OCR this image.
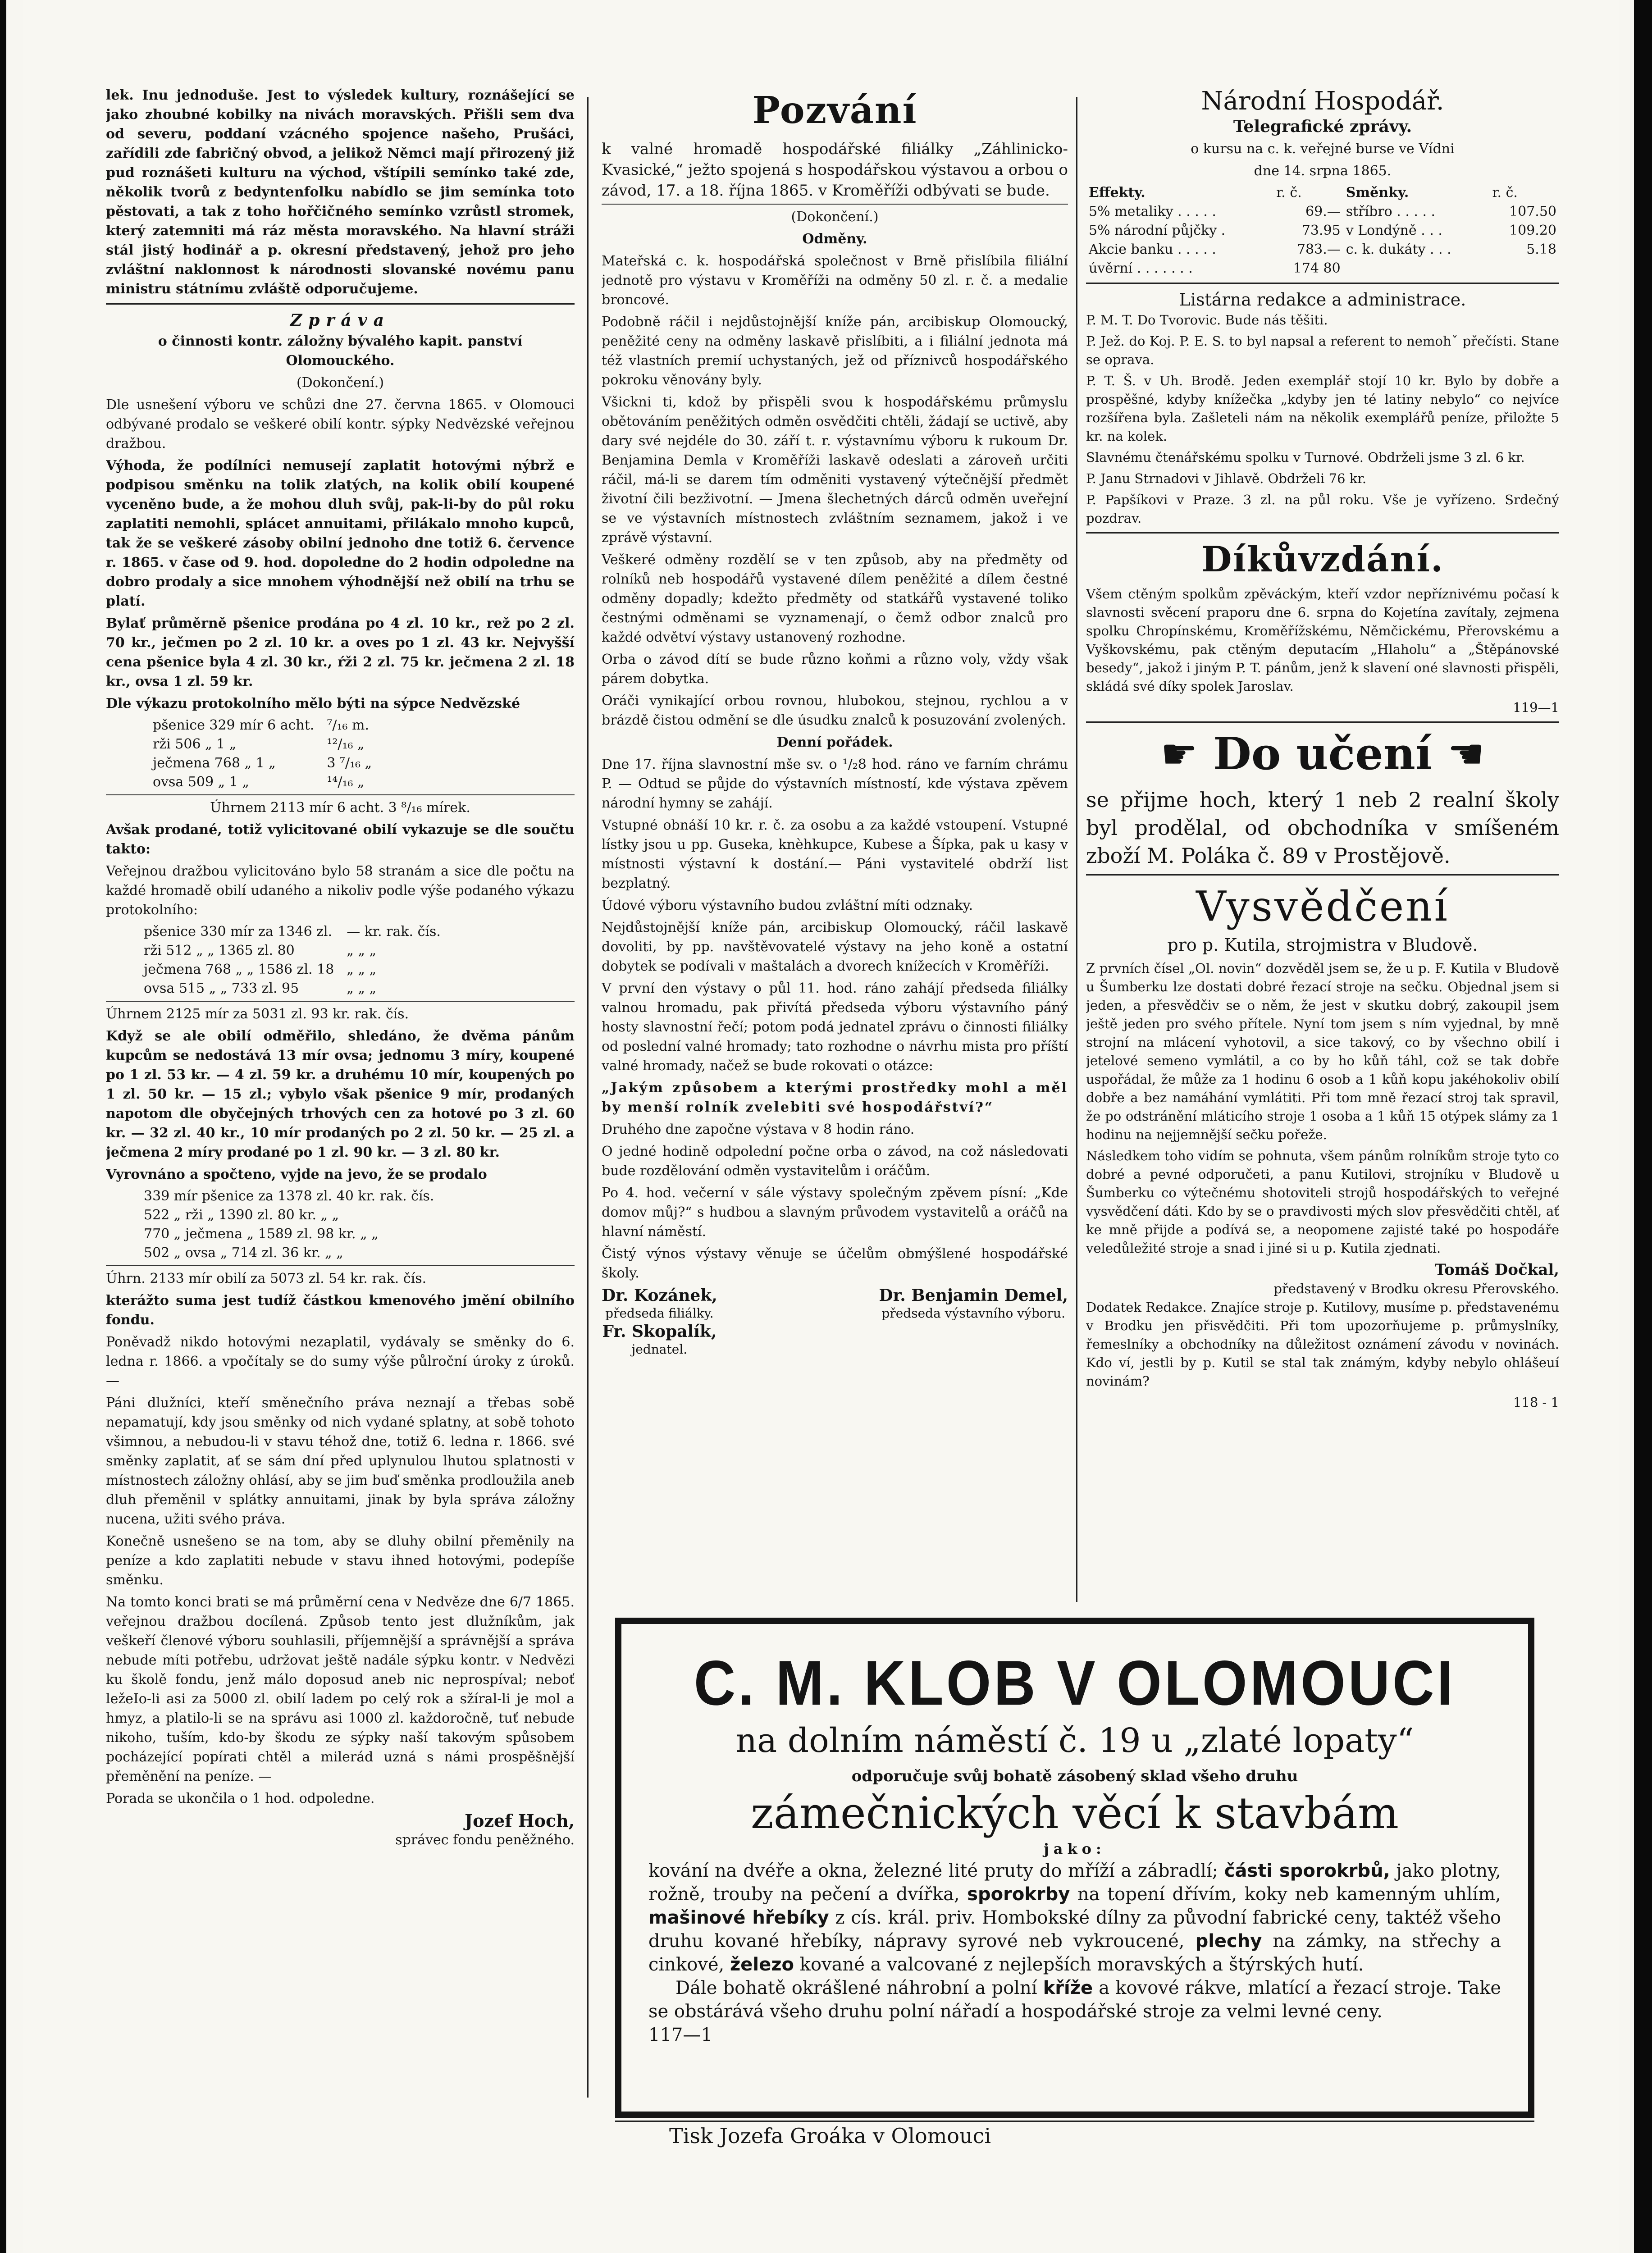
lek. Inu jednoduše. Jest to výsledek kultury, roznášející se jako zhoubné kobilky na nivách moravských. Přišli sem dva od severu, poddaní vzácného spojence našeho, Prušáci, zařídili zde fabričný obvod, a jelikož Němci mají přirozený již pud roznášeti kulturu na východ, vštípili semínko také zde, několik tvorů z bedyntenfolku nabídlo se jim semínka toto pěstovati, a tak z toho hořčičného semínko vzrůstl stromek, který zatemniti má ráz města moravského. Na hlavní stráži stál jistý hodinář a p. okresní představený, jehož pro jeho zvláštní naklonnost k národnosti slovanské novému panu ministru státnímu zvláště odporučujeme.

Zpráva

o činnosti kontr. záložny bývalého kapit. panství Olomouckého.

(Dokončení.)

Dle usnešení výboru ve schůzi dne 27. června 1865. v Olomouci odbývané prodalo se veškeré obilí kontr. sýpky Nedvězské veřejnou dražbou.

Výhoda, že podílníci nemusejí zaplatit hotovými nýbrž e podpisou směnku na tolik zlatých, na kolik obilí koupené vyceněno bude, a že mohou dluh svůj, pak-li-by do půl roku zaplatiti nemohli, splácet annuitami, přilákalo mnoho kupců, tak že se veškeré zásoby obilní jednoho dne totiž 6. července r. 1865. v čase od 9. hod. dopoledne do 2 hodin odpoledne na dobro prodaly a sice mnohem výhodnější než obilí na trhu se platí.

Bylať průměrně pšenice prodána po 4 zl. 10 kr., rež po 2 zl. 70 kr., ječmen po 2 zl. 10 kr. a oves po 1 zl. 43 kr. Nejvyšší cena pšenice byla 4 zl. 30 kr., ŕži 2 zl. 75 kr. ječmena 2 zl. 18 kr., ovsa 1 zl. 59 kr.

Dle výkazu protokolního mělo býti na sýpce Nedvězské

pšenice 329 mír 6 acht.	⁷/₁₆ m.
rži 506 „ 1 „	¹²/₁₆ „
ječmena 768 „ 1 „	3 ⁷/₁₆ „
ovsa 509 „ 1 „	¹⁴/₁₆ „

Úhrnem 2113 mír 6 acht. 3 ⁸/₁₆ mírek.

Avšak prodané, totiž vylicitované obilí vykazuje se dle součtu takto:

Veřejnou dražbou vylicitováno bylo 58 stranám a sice dle počtu na každé hromadě obilí udaného a nikoliv podle výše podaného výkazu protokolního:

pšenice 330 mír za 1346 zl.	— kr. rak. čís.
rži 512 „ „ 1365 zl. 80	„ „ „
ječmena 768 „ „ 1586 zl. 18	„ „ „
ovsa 515 „ „ 733 zl. 95	„ „ „

Úhrnem 2125 mír za 5031 zl. 93 kr. rak. čís.

Když se ale obilí odměřilo, shledáno, že dvěma pánům kupcům se nedostává 13 mír ovsa; jednomu 3 míry, koupené po 1 zl. 53 kr. — 4 zl. 59 kr. a druhému 10 mír, koupených po 1 zl. 50 kr. — 15 zl.; vybylo však pšenice 9 mír, prodaných napotom dle obyčejných trhových cen za hotové po 3 zl. 60 kr. — 32 zl. 40 kr., 10 mír prodaných po 2 zl. 50 kr. — 25 zl. a ječmena 2 míry prodané po 1 zl. 90 kr. — 3 zl. 80 kr.

Vyrovnáno a spočteno, vyjde na jevo, že se prodalo

339 mír pšenice za 1378 zl. 40 kr. rak. čís.
522 „ rži „ 1390 zl. 80 kr. „ „
770 „ ječmena „ 1589 zl. 98 kr. „ „
502 „ ovsa „ 714 zl. 36 kr. „ „

Úhrn. 2133 mír obilí za 5073 zl. 54 kr. rak. čís.

kterážto suma jest tudíž částkou kmenového jmění obilního fondu.

Poněvadž nikdo hotovými nezaplatil, vydávaly se směnky do 6. ledna r. 1866. a vpočítaly se do sumy výše půlroční úroky z úroků. —

Páni dlužníci, kteří směnečního práva neznají a třebas sobě nepamatují, kdy jsou směnky od nich vydané splatny, at sobě tohoto všimnou, a nebudou-li v stavu téhož dne, totiž 6. ledna r. 1866. své směnky zaplatit, ať se sám dní před uplynulou lhutou splatnosti v místnostech záložny ohlásí, aby se jim buď směnka prodloužila aneb dluh přeměnil v splátky annuitami, jinak by byla správa záložny nucena, užiti svého práva.

Konečně usnešeno se na tom, aby se dluhy obilní přeměnily na peníze a kdo zaplatiti nebude v stavu ihned hotovými, podepíše směnku.

Na tomto konci brati se má průměrní cena v Nedvěze dne 6/7 1865. veřejnou dražbou docílená. Způsob tento jest dlužníkům, jak veškeří členové výboru souhlasili, příjemnější a správnější a správa nebude míti potřebu, udržovat ještě nadále sýpku kontr. v Nedvězi ku školě fondu, jenž málo doposud aneb nic neprospíval; neboť ležeIo-li asi za 5000 zl. obilí ladem po celý rok a sžíral-li je mol a hmyz, a platilo-li se na správu asi 1000 zl. každoročně, tuť nebude nikoho, tuším, kdo-by škodu ze sýpky naší takovým spůsobem pocházející popírati chtěl a milerád uzná s námi prospěšnější přeměnění na peníze. —

Porada se ukončila o 1 hod. odpoledne.

Jozef Hoch,

správec fondu peněžného.

Pozvání

k valné hromadě hospodářské filiálky „Záhlinicko-Kvasické,“ ježto spojená s hospodářskou výstavou a orbou o závod, 17. a 18. října 1865. v Kroměříži odbývati se bude.

(Dokončení.)

Odměny.

Mateřská c. k. hospodářská společnost v Brně přislíbila filiální jednotě pro výstavu v Kroměříži na odměny 50 zl. r. č. a medalie broncové.

Podobně ráčil i nejdůstojnější kníže pán, arcibiskup Olomoucký, peněžité ceny na odměny laskavě přislíbiti, a i filiální jednota má též vlastních premií uchystaných, jež od příznivců hospodářského pokroku věnovány byly.

Všickni ti, kdož by přispěli svou k hospodářskému průmyslu obětováním peněžitých odměn osvědčiti chtěli, žádají se uctivě, aby dary své nejdéle do 30. září t. r. výstavnímu výboru k rukoum Dr. Benjamina Demla v Kroměříži laskavě odeslati a zároveň určiti ráčil, má-li se darem tím odměniti vystavený výtečnější předmět životní čili bezživotní. — Jmena šlechetných dárců odměn uveřejní se ve výstavních místnostech zvláštním seznamem, jakož i ve zprávě výstavní.

Veškeré odměny rozdělí se v ten způsob, aby na předměty od rolníků neb hospodářů vystavené dílem peněžité a dílem čestné odměny dopadly; kdežto předměty od statkářů vystavené toliko čestnými odměnami se vyznamenají, o čemž odbor znalců pro každé odvětví výstavy ustanovený rozhodne.

Orba o závod dítí se bude různo koňmi a různo voly, vždy však párem dobytka.

Oráči vynikající orbou rovnou, hlubokou, stejnou, rychlou a v brázdě čistou odmění se dle úsudku znalců k posuzování zvolených.

Denní pořádek.

Dne 17. října slavnostní mše sv. o ¹/₂8 hod. ráno ve farním chrámu P. — Odtud se půjde do výstavních místností, kde výstava zpěvem národní hymny se zahájí.

Vstupné obnáší 10 kr. r. č. za osobu a za každé vstoupení. Vstupné lístky jsou u pp. Guseka, knèhkupce, Kubese a Šípka, pak u kasy v místnosti výstavní k dostání.— Páni vystavitelé obdrží list bezplatný.

Údové výboru výstavního budou zvláštní míti odznaky.

Nejdůstojnější kníže pán, arcibiskup Olomoucký, ráčil laskavě dovoliti, by pp. navštěvovatelé výstavy na jeho koně a ostatní dobytek se podívali v maštalách a dvorech knížecích v Kroměříži.

V první den výstavy o půl 11. hod. ráno zahájí předseda filiálky valnou hromadu, pak přivítá předseda výboru výstavního páný hosty slavnostní řečí; potom podá jednatel zprávu o činnosti filiálky od poslední valné hromady; tato rozhodne o návrhu mista pro příští valné hromady, načež se bude rokovati o otázce:

„Jakým způsobem a kterými prostředky mohl a měl by menší rolník zvelebiti své hospodářství?“

Druhého dne započne výstava v 8 hodin ráno.

O jedné hodině odpolední počne orba o závod, na což následovati bude rozdělování odměn vystavitelům i oráčům.

Po 4. hod. večerní v sále výstavy společným zpěvem písní: „Kde domov můj?“ s hudbou a slavným průvodem vystavitelů a oráčů na hlavní náměstí.

Čistý výnos výstavy věnuje se účelům obmýšlené hospodářské školy.

Dr. Kozánek,
předseda filiálky.
Fr. Skopalík,
jednatel.
Dr. Benjamin Demel,
předseda výstavního výboru.
Národní Hospodář.

Telegrafické zprávy.

o kursu na c. k. veřejné burse ve Vídni

dne 14. srpna 1865.

Effekty.	r. č.	Směnky.	r. č.
5% metaliky . . . . .	69.—	stříbro . . . . .	107.50
5% národní půjčky .	73.95	v Londýně . . .	109.20
Akcie banku . . . . .	783.—	c. k. dukáty . . .	5.18
úvěrní . . . . . . .	174 80		

Listárna redakce a administrace.

P. M. T. Do Tvorovic. Bude nás těšiti.

P. Jež. do Koj. P. E. S. to byl napsal a referent to nemohˇ přečísti. Stane se oprava.

P. T. Š. v Uh. Brodě. Jeden exemplář stojí 10 kr. Bylo by dobře a prospěšné, kdyby knížečka „kdyby jen té latiny nebylo“ co nejvíce rozšířena byla. Zašleteli nám na několik exemplářů peníze, přiložte 5 kr. na kolek.

Slavnému čtenářskému spolku v Turnové. Obdrželi jsme 3 zl. 6 kr.

P. Janu Strnadovi v Jihlavě. Obdrželi 76 kr.

P. Papšíkovi v Praze. 3 zl. na půl roku. Vše je vyřízeno. Srdečný pozdrav.

Díkůvzdání.

Všem ctěným spolkům zpěváckým, kteří vzdor nepříznivému počasí k slavnosti svěcení praporu dne 6. srpna do Kojetína zavítaly, zejmena spolku Chropínskému, Kroměřížskému, Němčickému, Přerovskému a Vyškovskému, pak ctěným deputacím „Hlaholu“ a „Štěpánovské besedy“, jakož i jiným P. T. pánům, jenž k slavení oné slavnosti přispěli, skládá své díky spolek Jaroslav.

119—1

☛ Do učení ☚

se přijme hoch, který 1 neb 2 realní školy byl prodělal, od obchodníka v smíšeném zboží M. Poláka č. 89 v Prostějově.

Vysvědčení

pro p. Kutila, strojmistra v Bludově.

Z prvních čísel „Ol. novin“ dozvěděl jsem se, že u p. F. Kutila v Bludově u Šumberku lze dostati dobré řezací stroje na sečku. Objednal jsem si jeden, a přesvědčiv se o něm, že jest v skutku dobrý, zakoupil jsem ještě jeden pro svého přítele. Nyní tom jsem s ním vyjednal, by mně strojní na mlácení vyhotovil, a sice takový, co by všechno obilí i jetelové semeno vymlátil, a co by ho kůň táhl, což se tak dobře uspořádal, že může za 1 hodinu 6 osob a 1 kůň kopu jakéhokoliv obilí dobře a bez namáhání vymlátiti. Při tom mně řezací stroj tak spravil, že po odstránění mláticího stroje 1 osoba a 1 kůň 15 otýpek slámy za 1 hodinu na nejjemnější sečku pořeže.

Následkem toho vidím se pohnuta, všem pánům rolníkům stroje tyto co dobré a pevné odporučeti, a panu Kutilovi, strojníku v Bludově u Šumberku co výtečnému shotoviteli strojů hospodářských to veřejné vysvědčení dáti. Kdo by se o pravdivosti mých slov přesvědčiti chtěl, ať ke mně přijde a podívá se, a neopomene zajisté také po hospodáře veledůležité stroje a snad i jiné si u p. Kutila zjednati.

Tomáš Dočkal,

představený v Brodku okresu Přerovského.

Dodatek Redakce. Znajíce stroje p. Kutilovy, musíme p. představenému v Brodku jen přisvědčiti. Při tom upozorňujeme p. průmyslníky, řemeslníky a obchodníky na důležitost oznámení závodu v novinách. Kdo ví, jestli by p. Kutil se stal tak známým, kdyby nebylo ohlášeuí novinám?

118 - 1

C. M. KLOB V OLOMOUCI
na dolním náměstí č. 19 u „zlaté lopaty“
odporučuje svůj bohatě zásobený sklad všeho druhu
zámečnických věcí k stavbám
jako:
kování na dvéře a okna, železné lité pruty do mříží a zábradlí; části sporokrbů, jako plotny, rožně, trouby na pečení a dvířka, sporokrby na topení dřívím, koky neb kamenným uhlím, mašinové hřebíky z cís. král. priv. Hombokské dílny za původní fabrické ceny, taktéž všeho druhu kované hřebíky, nápravy syrové neb vykroucené, plechy na zámky, na střechy a cinkové, železo kované a valcované z nejlepších moravských a štýrských hutí.
Dále bohatě okrášlené náhrobní a polní kříže a kovové rákve, mlatící a řezací stroje. Take se obstárává všeho druhu polní nářadí a hospodářské stroje za velmi levné ceny.
117—1
Tisk Jozefa Groáka v Olomouci
